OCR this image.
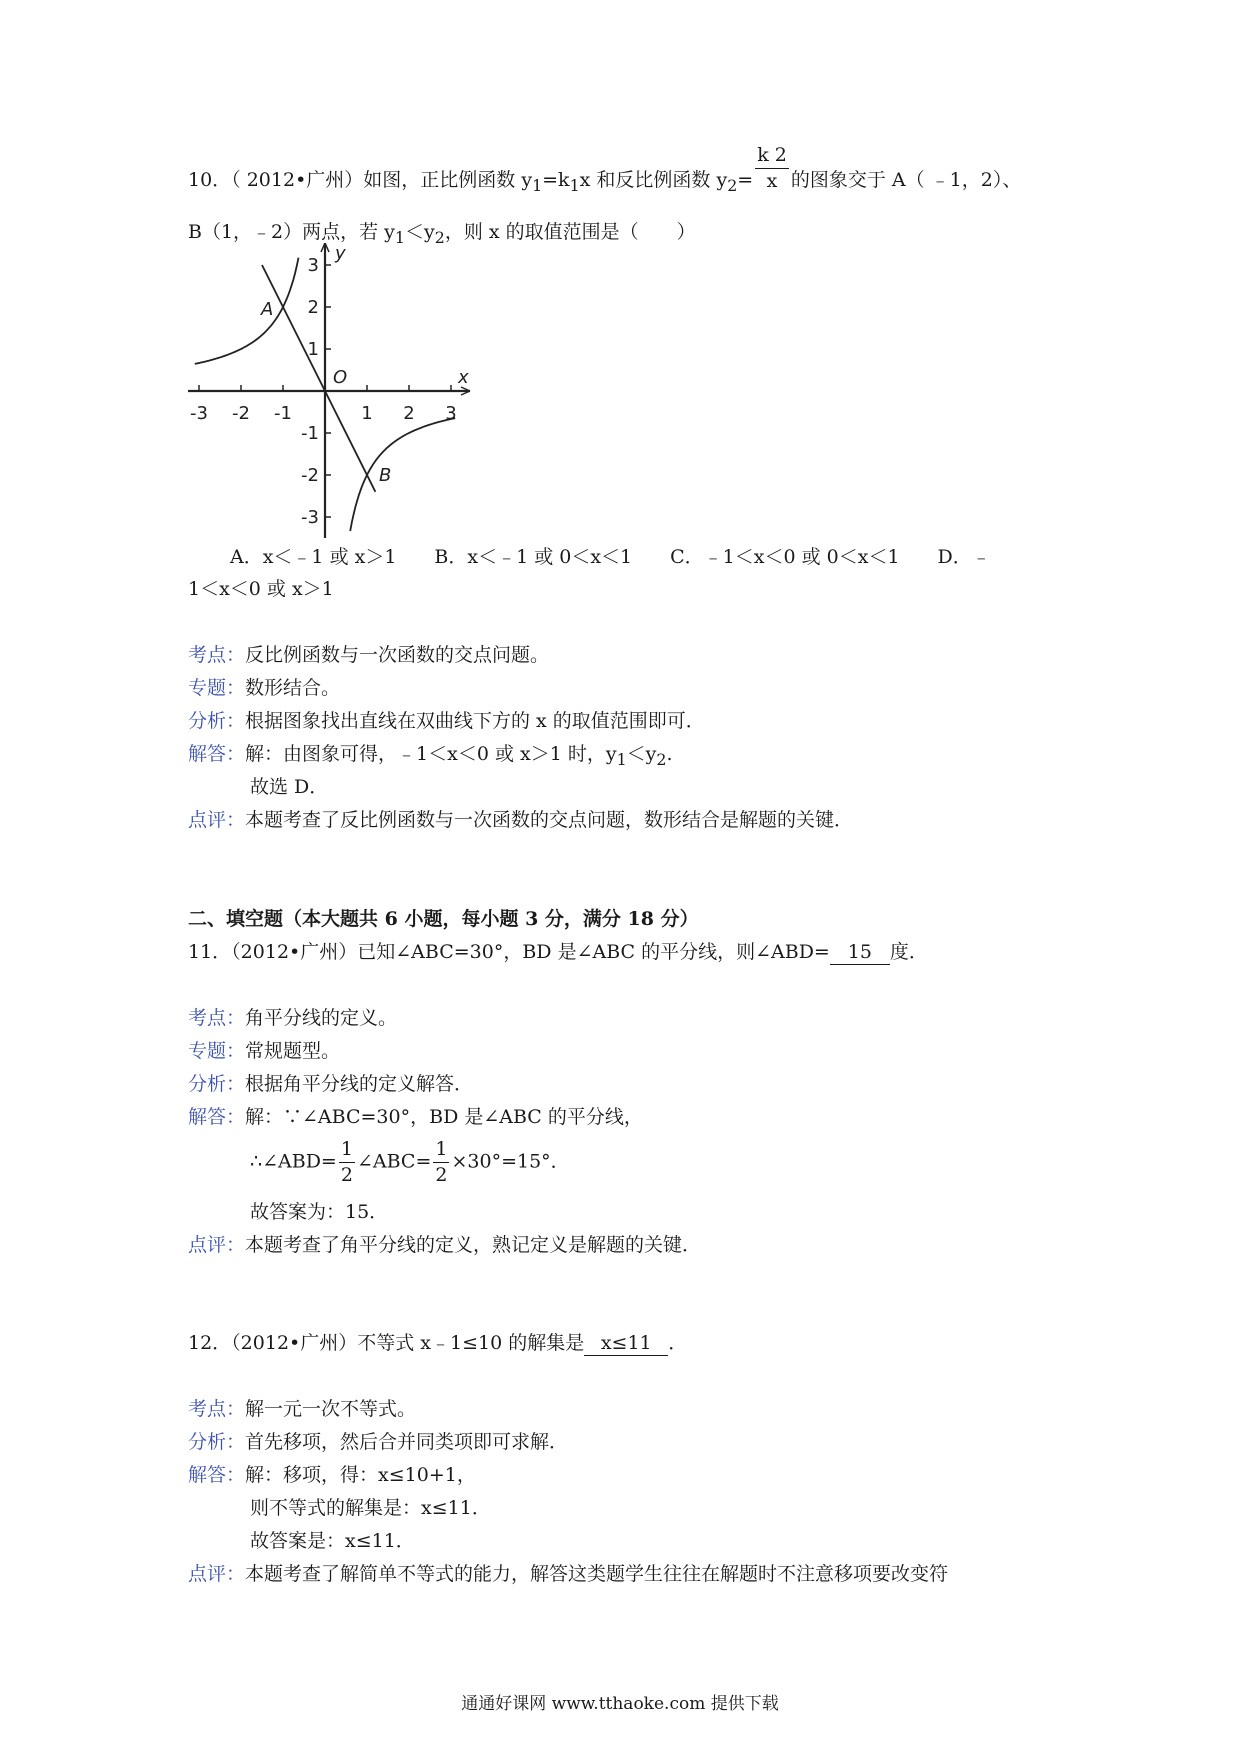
10．（ 2012•广州）如图，正比例函数 $y_1=k_1x$ 和反比例函数 $y_2= \frac{k 2}{x}$ 的图象交于 A（ ﹣1，2）、
B（1，﹣2）两点，若 $y_1<y_2$，则 x 的取值范围是（　　）
-3 -2 -1	1 2 3
3
2
1
-1
-2
-3
x
y
O
A
B
A．x＜﹣1 或 x＞1　　B．x＜﹣1 或 0＜x＜1　　C．﹣1＜x＜0 或 0＜x＜1　　D．﹣
1＜x＜0 或 x＞1
考点：反比例函数与一次函数的交点问题。
专题：数形结合。
分析：根据图象找出直线在双曲线下方的 x 的取值范围即可．
解答：解：由图象可得，﹣1＜x＜0 或 x＞1 时，$y_1<y_2$.
故选 D．
点评：本题考查了反比例函数与一次函数的交点问题，数形结合是解题的关键．
二、填空题（本大题共 6 小题，每小题 3 分，满分 18 分）
11．（2012•广州）已知∠ABC=30°，BD 是∠ABC 的平分线，则∠ABD= 15 度．
考点：角平分线的定义。
专题：常规题型。
分析：根据角平分线的定义解答．
解答：解：∵∠ABC=30°，BD 是∠ABC 的平分线，
∴∠ABD= $\frac{1}{2}$ ∠ABC= $\frac{1}{2} \times 30^\circ=15^\circ$．
故答案为：15．
点评：本题考查了角平分线的定义，熟记定义是解题的关键．
12．（2012•广州）不等式 x﹣1≤10 的解集是 x≤11 ．
考点：解一元一次不等式。
分析：首先移项，然后合并同类项即可求解．
解答：解：移项，得：x≤10+1，
则不等式的解集是：x≤11．
故答案是：x≤11．
点评：本题考查了解简单不等式的能力，解答这类题学生往往在解题时不注意移项要改变符
通通好课网 www.tthaoke.com 提供下载
